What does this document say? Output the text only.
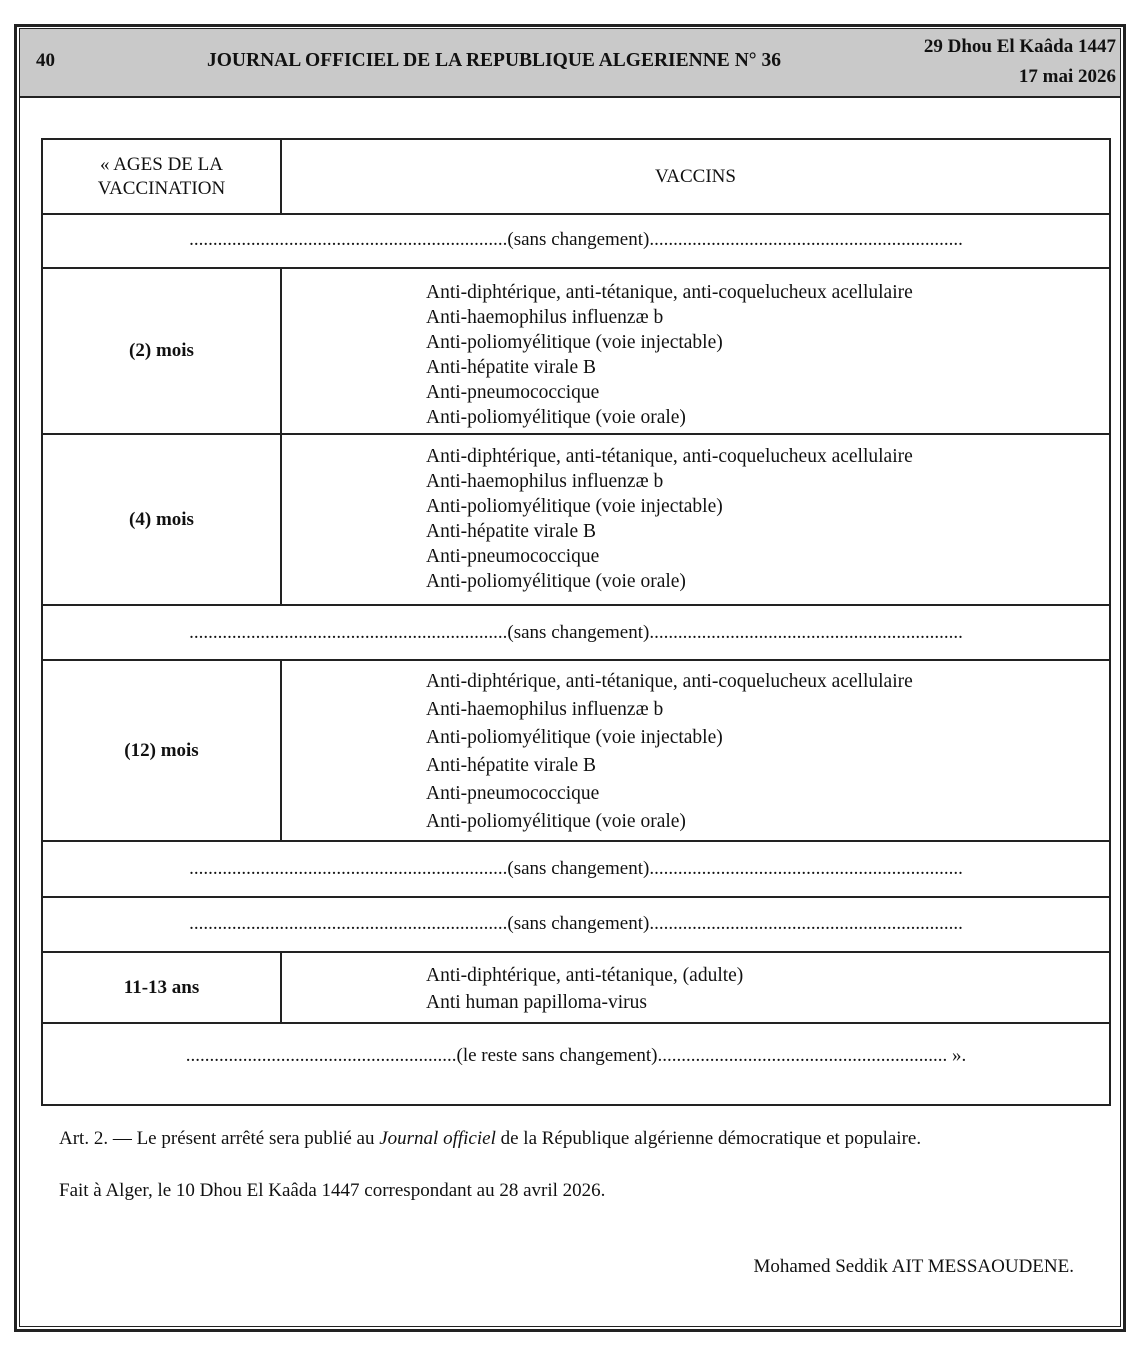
40	JOURNAL OFFICIEL DE LA REPUBLIQUE ALGERIENNE N° 36
29 Dhou El Kaâda 1447
17 mai 2026
« AGES DE LA VACCINATION
VACCINS
...................................................................(sans changement)..................................................................
(2) mois
Anti-diphtérique, anti-tétanique, anti-coquelucheux acellulaire
Anti-haemophilus influenzæ b
Anti-poliomyélitique (voie injectable)
Anti-hépatite virale B
Anti-pneumococcique
Anti-poliomyélitique (voie orale)
(4) mois
Anti-diphtérique, anti-tétanique, anti-coquelucheux acellulaire
Anti-haemophilus influenzæ b
Anti-poliomyélitique (voie injectable)
Anti-hépatite virale B
Anti-pneumococcique
Anti-poliomyélitique (voie orale)
...................................................................(sans changement)..................................................................
(12) mois
Anti-diphtérique, anti-tétanique, anti-coquelucheux acellulaire
Anti-haemophilus influenzæ b
Anti-poliomyélitique (voie injectable)
Anti-hépatite virale B
Anti-pneumococcique
Anti-poliomyélitique (voie orale)
...................................................................(sans changement)..................................................................
...................................................................(sans changement)..................................................................
11-13 ans
Anti-diphtérique, anti-tétanique, (adulte)
Anti human papilloma-virus
.........................................................(le reste sans changement)............................................................. ».
Art. 2. — Le présent arrêté sera publié au Journal officiel de la République algérienne démocratique et populaire.
Fait à Alger, le 10 Dhou El Kaâda 1447 correspondant au 28 avril 2026.
Mohamed Seddik AIT MESSAOUDENE.
